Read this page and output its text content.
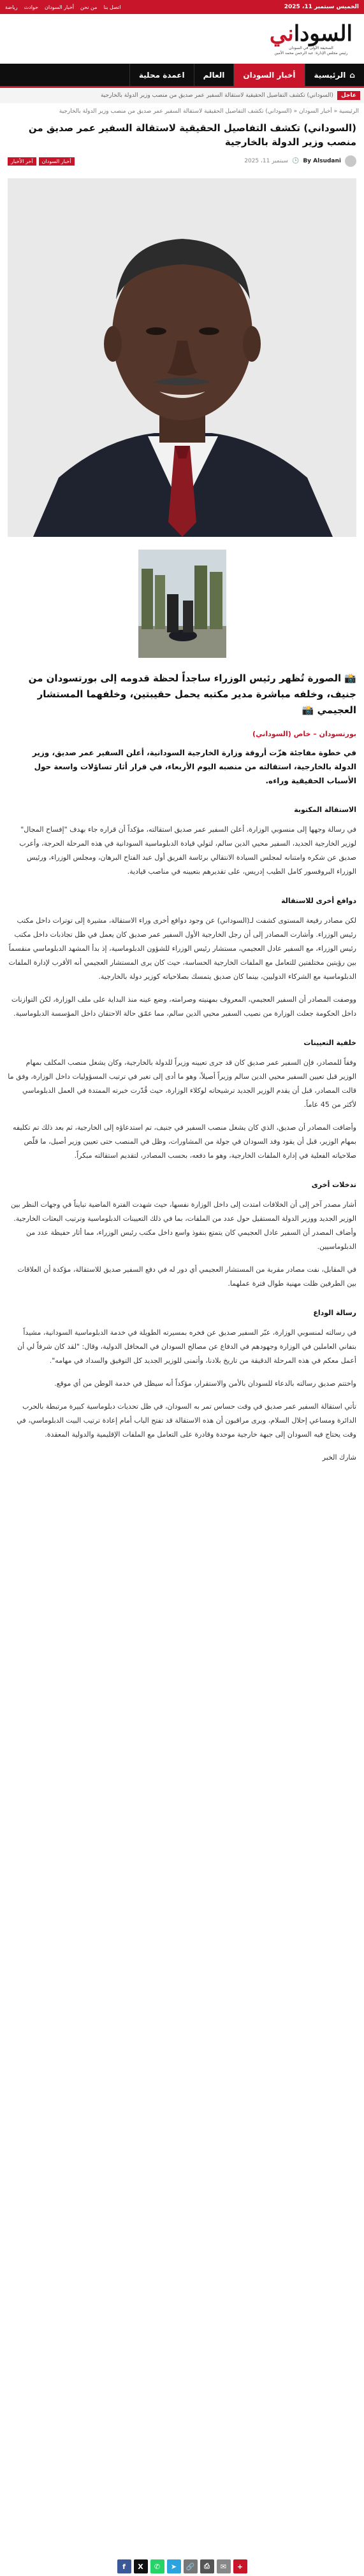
الخميس سبتمبر 11، 2025
اتصل بنا
من نحن
أخبار السودان
حوادث
رياضة
السوداني
الصحيفة الأولى في السودان
رئيس مجلس الإدارة: عبد الرحمن محمد الأمين
⌂
الرئيسية
أخبار السودان
العالم
اعمدة محلية
عاجل
(السوداني) تكشف التفاصيل الحقيقية لاستقالة السفير عمر صديق من منصب وزير الدولة بالخارجية
الرئيسية « أخبار السودان « (السوداني) تكشف التفاصيل الحقيقية لاستقالة السفير عمر صديق من منصب وزير الدولة بالخارجية
(السوداني) تكشف التفاصيل الحقيقية لاستقالة السفير عمر صديق من منصب وزير الدولة بالخارجية
By Alsudani
🕒
سبتمبر 11، 2025
أخبار السودان
آخر الأخبار

📸 الصورة تُظهر رئيس الوزراء ساجداً لحظة قدومه إلى بورتسودان من جنيف، وخلفه مباشرة مدير مكتبه يحمل حقيبتين، وخلفهما المستشار العجيمي 📸

بورتسودان – خاص (السوداني)

في خطوة مفاجئة هزّت أروقة وزارة الخارجية السودانية، أعلن السفير عمر صديق، وزير الدولة بالخارجية، استقالته من منصبه اليوم الأربعاء، في قرار أثار تساؤلات واسعة حول الأسباب الحقيقية وراءه.

الاستقالة المكتوبة

في رسالة وجهها إلى منسوبي الوزارة، أعلن السفير عمر صديق استقالته، مؤكداً أن قراره جاء بهدف "إفساح المجال" لوزير الخارجية الجديد، السفير محيي الدين سالم، لتولي قيادة الدبلوماسية السودانية في هذه المرحلة الحرجة، وأعرب صديق عن شكره وامتنانه لمجلس السيادة الانتقالي برئاسة الفريق أول عبد الفتاح البرهان، ومجلس الوزراء، ورئيس الوزراء البروفسور كامل الطيب إدريس، على تقديرهم بتعيينه في مناصب قيادية.

دوافع أخرى للاستقالة

لكن مصادر رفيعة المستوى كشفت لـ(السوداني) عن وجود دوافع أخرى وراء الاستقالة، مشيرة إلى توترات داخل مكتب رئيس الوزراء. وأشارت المصادر إلى أن رجل الخارجية الأول السفير عمر صديق كان يعمل في ظل تجاذبات داخل مكتب رئيس الوزراء، مع السفير عادل العجيمي، مستشار رئيس الوزراء للشؤون الدبلوماسية، إذ بدأ المشهد الدبلوماسي منقسماً بين رؤيتين مختلفتين للتعامل مع الملفات الخارجية الحساسة، حيث كان يرى المستشار العجيمي أنه الأقرب لإدارة الملفات الدبلوماسية مع الشركاء الدوليين، بينما كان صديق يتمسك بصلاحياته كوزير دولة بالخارجية.

ووصفت المصادر أن السفير العجيمي، المعروف بمهنيته وصرامته، وضع عينه منذ البداية على ملف الوزارة، لكن التوازنات داخل الحكومة جعلت الوزارة من نصيب السفير محيي الدين سالم، مما عمّق حالة الاحتقان داخل المؤسسة الدبلوماسية.

خلفية التعيينات

وفقاً للمصادر، فإن السفير عمر صديق كان قد جرى تعيينه وزيراً للدولة بالخارجية، وكان يشغل منصب المكلف بمهام الوزير قبل تعيين السفير محيي الدين سالم وزيراً أصيلاً، وهو ما أدى إلى تغير في ترتيب المسؤوليات داخل الوزارة، وفق ما قالت المصادر، قبل أن يقدم الوزير الجديد ترشيحاته لوكلاء الوزارة، حيث قُدّرت خبرته الممتدة في العمل الدبلوماسي لأكثر من 45 عاماً.

وأضافت المصادر أن صديق، الذي كان يشغل منصب السفير في جنيف، تم استدعاؤه إلى الخارجية، ثم بعد ذلك تم تكليفه بمهام الوزير، قبل أن يقود وفد السودان في جولة من المشاورات، وظل في المنصب حتى تعيين وزير أصيل، ما قلّص صلاحياته الفعلية في إدارة الملفات الخارجية، وهو ما دفعه، بحسب المصادر، لتقديم استقالته مبكراً.

تدخلات أخرى

أشار مصدر آخر إلى أن الخلافات امتدت إلى داخل الوزارة نفسها، حيث شهدت الفترة الماضية تبايناً في وجهات النظر بين الوزير الجديد ووزير الدولة المستقيل حول عدد من الملفات، بما في ذلك التعيينات الدبلوماسية وترتيب البعثات الخارجية. وأضاف المصدر أن السفير عادل العجيمي كان يتمتع بنفوذ واسع داخل مكتب رئيس الوزراء، مما أثار حفيظة عدد من الدبلوماسيين.

في المقابل، نفت مصادر مقربة من المستشار العجيمي أي دور له في دفع السفير صديق للاستقالة، مؤكدة أن العلاقات بين الطرفين ظلت مهنية طوال فترة عملهما.

رسالة الوداع

في رسالته لمنسوبي الوزارة، عبّر السفير صديق عن فخره بمسيرته الطويلة في خدمة الدبلوماسية السودانية، مشيداً بتفاني العاملين في الوزارة وجهودهم في الدفاع عن مصالح السودان في المحافل الدولية، وقال: "لقد كان شرفاً لي أن أعمل معكم في هذه المرحلة الدقيقة من تاريخ بلادنا، وأتمنى للوزير الجديد كل التوفيق والسداد في مهامه".

واختتم صديق رسالته بالدعاء للسودان بالأمن والاستقرار، مؤكداً أنه سيظل في خدمة الوطن من أي موقع.

تأتي استقالة السفير عمر صديق في وقت حساس تمر به السودان، في ظل تحديات دبلوماسية كبيرة مرتبطة بالحرب الدائرة ومساعي إحلال السلام، ويرى مراقبون أن هذه الاستقالة قد تفتح الباب أمام إعادة ترتيب البيت الدبلوماسي، في وقت يحتاج فيه السودان إلى جبهة خارجية موحدة وقادرة على التعامل مع الملفات الإقليمية والدولية المعقدة.

شارك الخبر

f	X	✆	➤	🔗	⎙	✉	+
